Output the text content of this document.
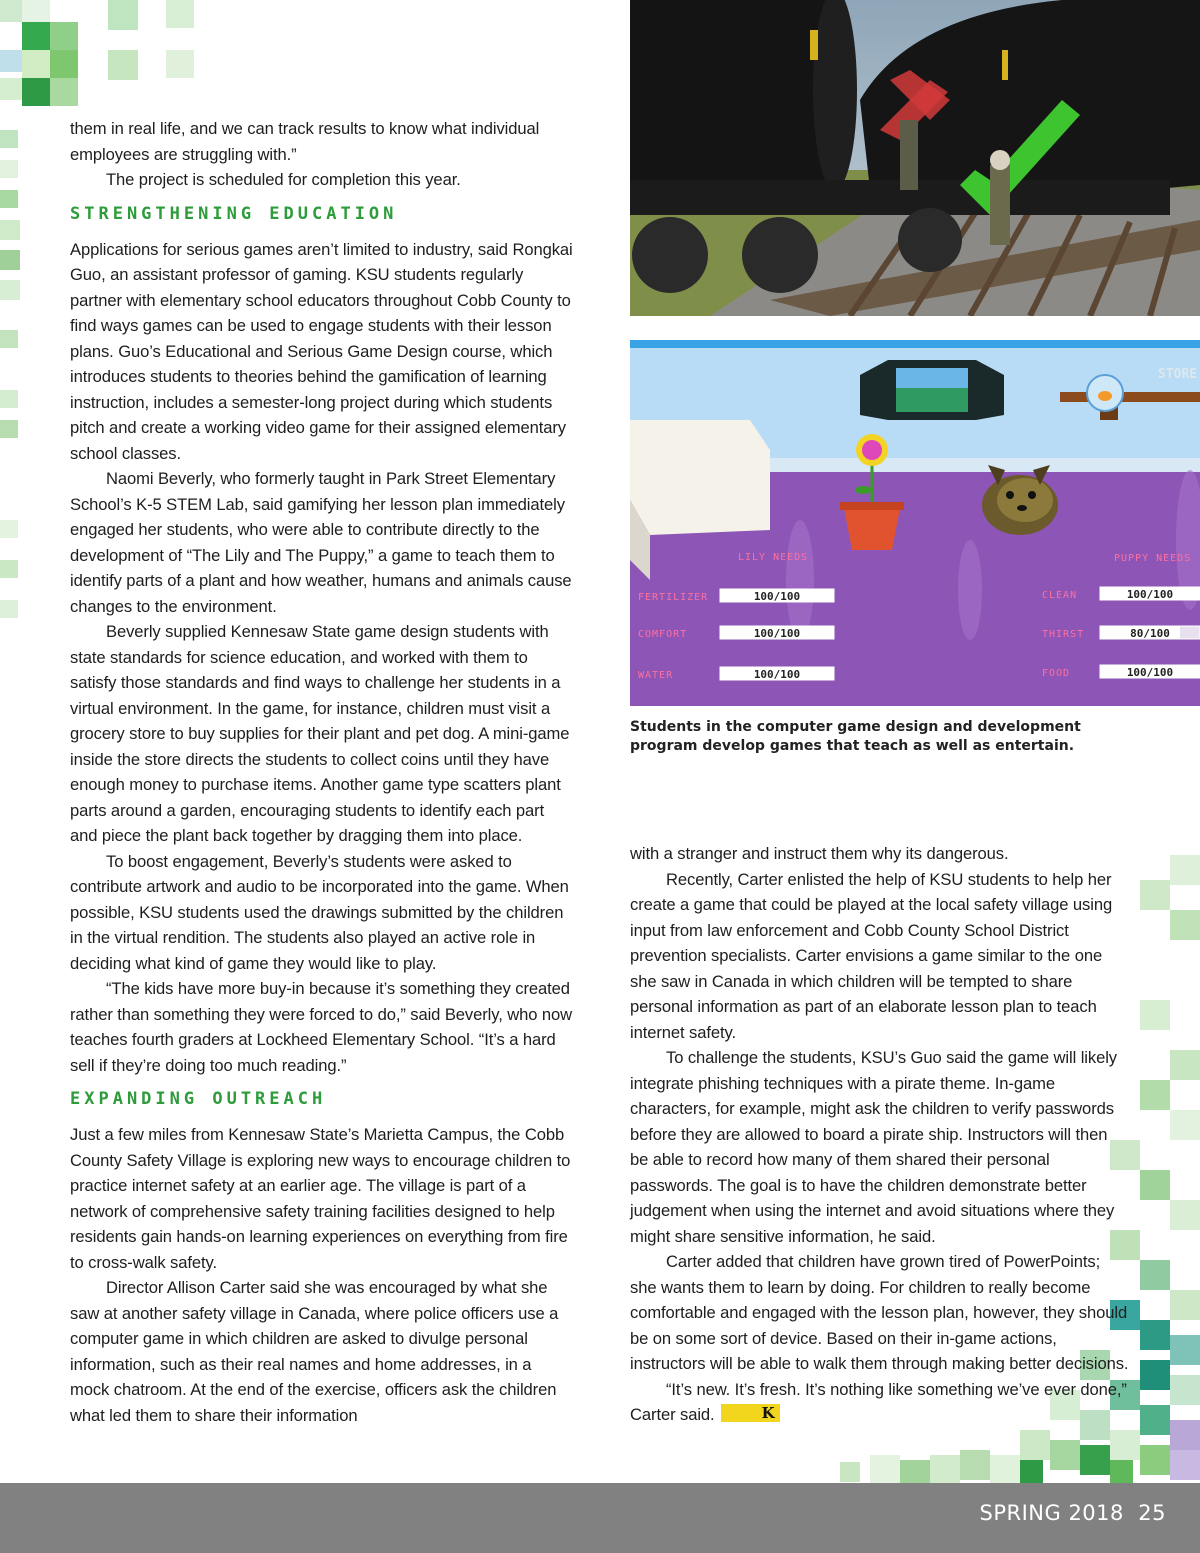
them in real life, and we can track results to know what individual employees are struggling with.”

The project is scheduled for completion this year.

STRENGTHENING EDUCATION

Applications for serious games aren’t limited to industry, said Rongkai Guo, an assistant professor of gaming. KSU students regularly partner with elementary school educators throughout Cobb County to find ways games can be used to engage students with their lesson plans. Guo’s Educational and Serious Game Design course, which introduces students to theories behind the gamification of learning instruction, includes a semester-long project during which students pitch and create a working video game for their assigned elementary school classes.

Naomi Beverly, who formerly taught in Park Street Elementary School’s K-5 STEM Lab, said gamifying her lesson plan immediately engaged her students, who were able to contribute directly to the development of “The Lily and The Puppy,” a game to teach them to identify parts of a plant and how weather, humans and animals cause changes to the environment.

Beverly supplied Kennesaw State game design students with state standards for science education, and worked with them to satisfy those standards and find ways to challenge her students in a virtual environment. In the game, for instance, children must visit a grocery store to buy supplies for their plant and pet dog. A mini-game inside the store directs the students to collect coins until they have enough money to purchase items. Another game type scatters plant parts around a garden, encouraging students to identify each part and piece the plant back together by dragging them into place.

To boost engagement, Beverly’s students were asked to contribute artwork and audio to be incorporated into the game. When possible, KSU students used the drawings submitted by the children in the virtual rendition. The students also played an active role in deciding what kind of game they would like to play.

“The kids have more buy-in because it’s something they created rather than something they were forced to do,” said Beverly, who now teaches fourth graders at Lockheed Elementary School. “It’s a hard sell if they’re doing too much reading.”

EXPANDING OUTREACH

Just a few miles from Kennesaw State’s Marietta Campus, the Cobb County Safety Village is exploring new ways to encourage children to practice internet safety at an earlier age. The village is part of a network of comprehensive safety training facilities designed to help residents gain hands-on learning experiences on everything from fire to cross-walk safety.

Director Allison Carter said she was encouraged by what she saw at another safety village in Canada, where police officers use a computer game in which children are asked to divulge personal information, such as their real names and home addresses, in a mock chatroom. At the end of the exercise, officers ask the children what led them to share their information

STORE
LILY NEEDS	PUPPY NEEDS
FERTILIZER	100/100
COMFORT	100/100
WATER	100/100
CLEAN	100/100
THIRST	80/100
FOOD	100/100
Students in the computer game design and development program develop games that teach as well as entertain.

with a stranger and instruct them why its dangerous.

Recently, Carter enlisted the help of KSU students to help her create a game that could be played at the local safety village using input from law enforcement and Cobb County School District prevention specialists. Carter envisions a game similar to the one she saw in Canada in which children will be tempted to share personal information as part of an elaborate lesson plan to teach internet safety.

To challenge the students, KSU’s Guo said the game will likely integrate phishing techniques with a pirate theme. In-game characters, for example, might ask the children to verify passwords before they are allowed to board a pirate ship. Instructors will then be able to record how many of them shared their personal passwords. The goal is to have the children demonstrate better judgement when using the internet and avoid situations where they might share sensitive information, he said.

Carter added that children have grown tired of PowerPoints; she wants them to learn by doing. For children to really become comfortable and engaged with the lesson plan, however, they should be on some sort of device. Based on their in-game actions, instructors will be able to walk them through making better decisions.

“It’s new. It’s fresh. It’s nothing like something we’ve ever done,” Carter said.	K

SPRING 2018 25
